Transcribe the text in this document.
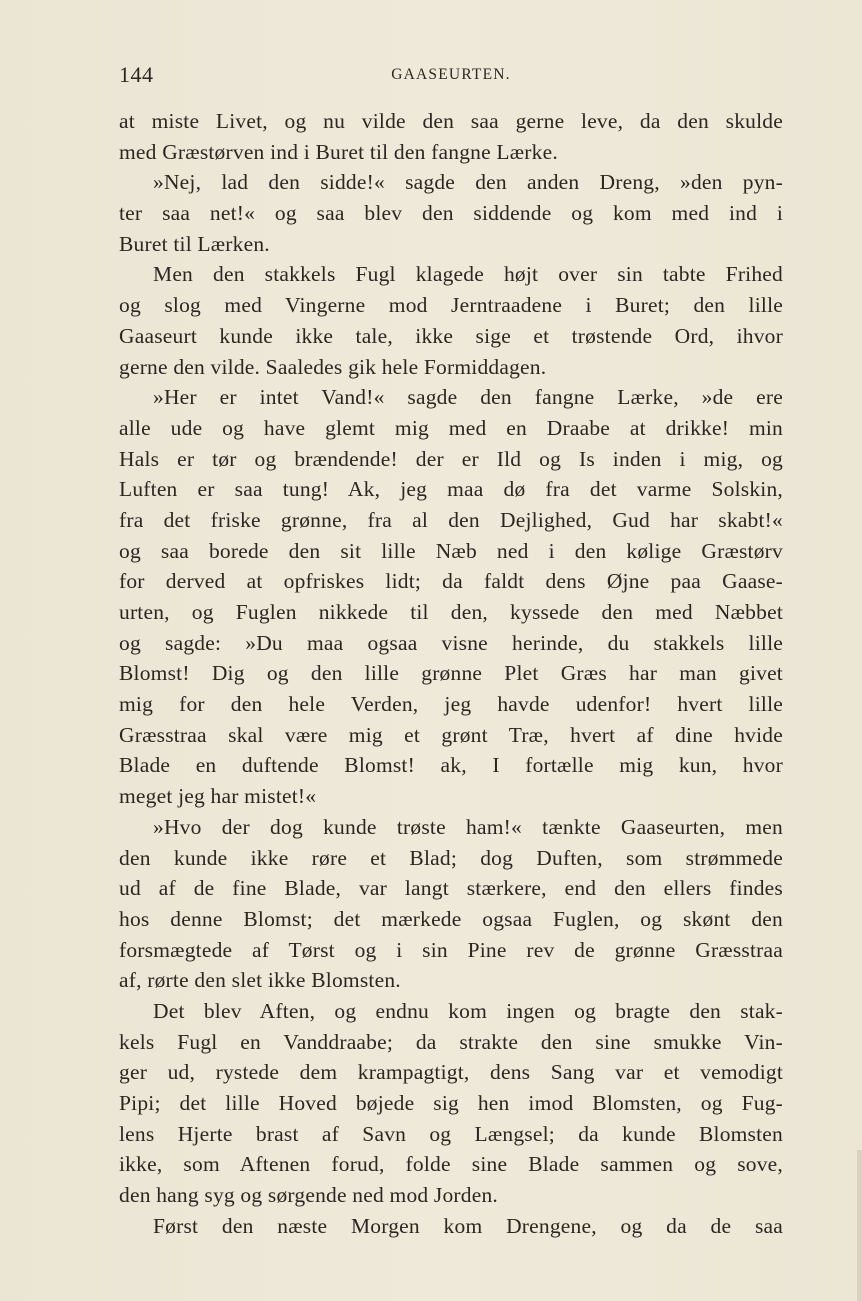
144	GAASEURTEN.
at miste Livet, og nu vilde den saa gerne leve, da den skulde
med Græstørven ind i Buret til den fangne Lærke.
»Nej, lad den sidde!« sagde den anden Dreng, »den pyn-
ter saa net!« og saa blev den siddende og kom med ind i
Buret til Lærken.
Men den stakkels Fugl klagede højt over sin tabte Frihed
og slog med Vingerne mod Jerntraadene i Buret; den lille
Gaaseurt kunde ikke tale, ikke sige et trøstende Ord, ihvor
gerne den vilde. Saaledes gik hele Formiddagen.
»Her er intet Vand!« sagde den fangne Lærke, »de ere
alle ude og have glemt mig med en Draabe at drikke! min
Hals er tør og brændende! der er Ild og Is inden i mig, og
Luften er saa tung! Ak, jeg maa dø fra det varme Solskin,
fra det friske grønne, fra al den Dejlighed, Gud har skabt!«
og saa borede den sit lille Næb ned i den kølige Græstørv
for derved at opfriskes lidt; da faldt dens Øjne paa Gaase-
urten, og Fuglen nikkede til den, kyssede den med Næbbet
og sagde: »Du maa ogsaa visne herinde, du stakkels lille
Blomst! Dig og den lille grønne Plet Græs har man givet
mig for den hele Verden, jeg havde udenfor! hvert lille
Græsstraa skal være mig et grønt Træ, hvert af dine hvide
Blade en duftende Blomst! ak, I fortælle mig kun, hvor
meget jeg har mistet!«
»Hvo der dog kunde trøste ham!« tænkte Gaaseurten, men
den kunde ikke røre et Blad; dog Duften, som strømmede
ud af de fine Blade, var langt stærkere, end den ellers findes
hos denne Blomst; det mærkede ogsaa Fuglen, og skønt den
forsmægtede af Tørst og i sin Pine rev de grønne Græsstraa
af, rørte den slet ikke Blomsten.
Det blev Aften, og endnu kom ingen og bragte den stak-
kels Fugl en Vanddraabe; da strakte den sine smukke Vin-
ger ud, rystede dem krampagtigt, dens Sang var et vemodigt
Pipi; det lille Hoved bøjede sig hen imod Blomsten, og Fug-
lens Hjerte brast af Savn og Længsel; da kunde Blomsten
ikke, som Aftenen forud, folde sine Blade sammen og sove,
den hang syg og sørgende ned mod Jorden.
Først den næste Morgen kom Drengene, og da de saa
